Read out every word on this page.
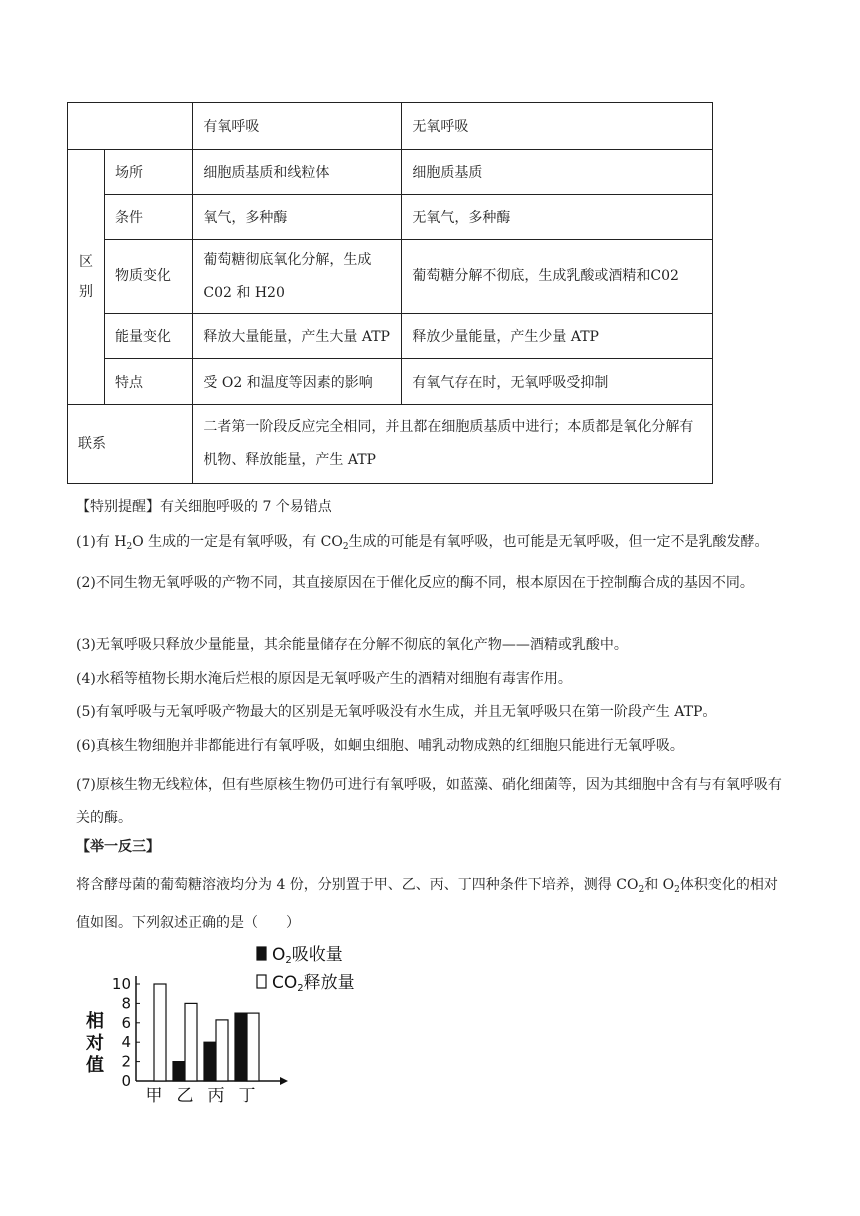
		有氧呼吸	无氧呼吸

区
别	场所	细胞质基质和线粒体	细胞质基质
	条件	氧气，多种酶	无氧气，多种酶
	物质变化	葡萄糖彻底氧化分解，生成C02 和 H20	葡萄糖分解不彻底，生成乳酸或酒精和C02
	能量变化	释放大量能量，产生大量 ATP	释放少量能量，产生少量 ATP
	特点	受 O2 和温度等因素的影响	有氧气存在时，无氧呼吸受抑制
联系		二者第一阶段反应完全相同，并且都在细胞质基质中进行；本质都是氧化分解有机物、释放能量，产生 ATP	
【特别提醒】有关细胞呼吸的 7 个易错点
(1)有 $H_2O$ 生成的一定是有氧呼吸，有 $CO_2$生成的可能是有氧呼吸，也可能是无氧呼吸，但一定不是乳酸发酵。
(2)不同生物无氧呼吸的产物不同，其直接原因在于催化反应的酶不同，根本原因在于控制酶合成的基因不同。
(3)无氧呼吸只释放少量能量，其余能量储存在分解不彻底的氧化产物——酒精或乳酸中。
(4)水稻等植物长期水淹后烂根的原因是无氧呼吸产生的酒精对细胞有毒害作用。
(5)有氧呼吸与无氧呼吸产物最大的区别是无氧呼吸没有水生成，并且无氧呼吸只在第一阶段产生 ATP。
(6)真核生物细胞并非都能进行有氧呼吸，如蛔虫细胞、哺乳动物成熟的红细胞只能进行无氧呼吸。
(7)原核生物无线粒体，但有些原核生物仍可进行有氧呼吸，如蓝藻、硝化细菌等，因为其细胞中含有与有氧呼吸有关的酶。
【举一反三】
将含酵母菌的葡萄糖溶液均分为 4 份，分别置于甲、乙、丙、丁四种条件下培养，测得 $CO_2$和 $O_2$体积变化的相对值如图。下列叙述正确的是（　　）
0
2
4
6
8
10
相
对
值
甲 乙 丙 丁
O2吸收量
CO2释放量
